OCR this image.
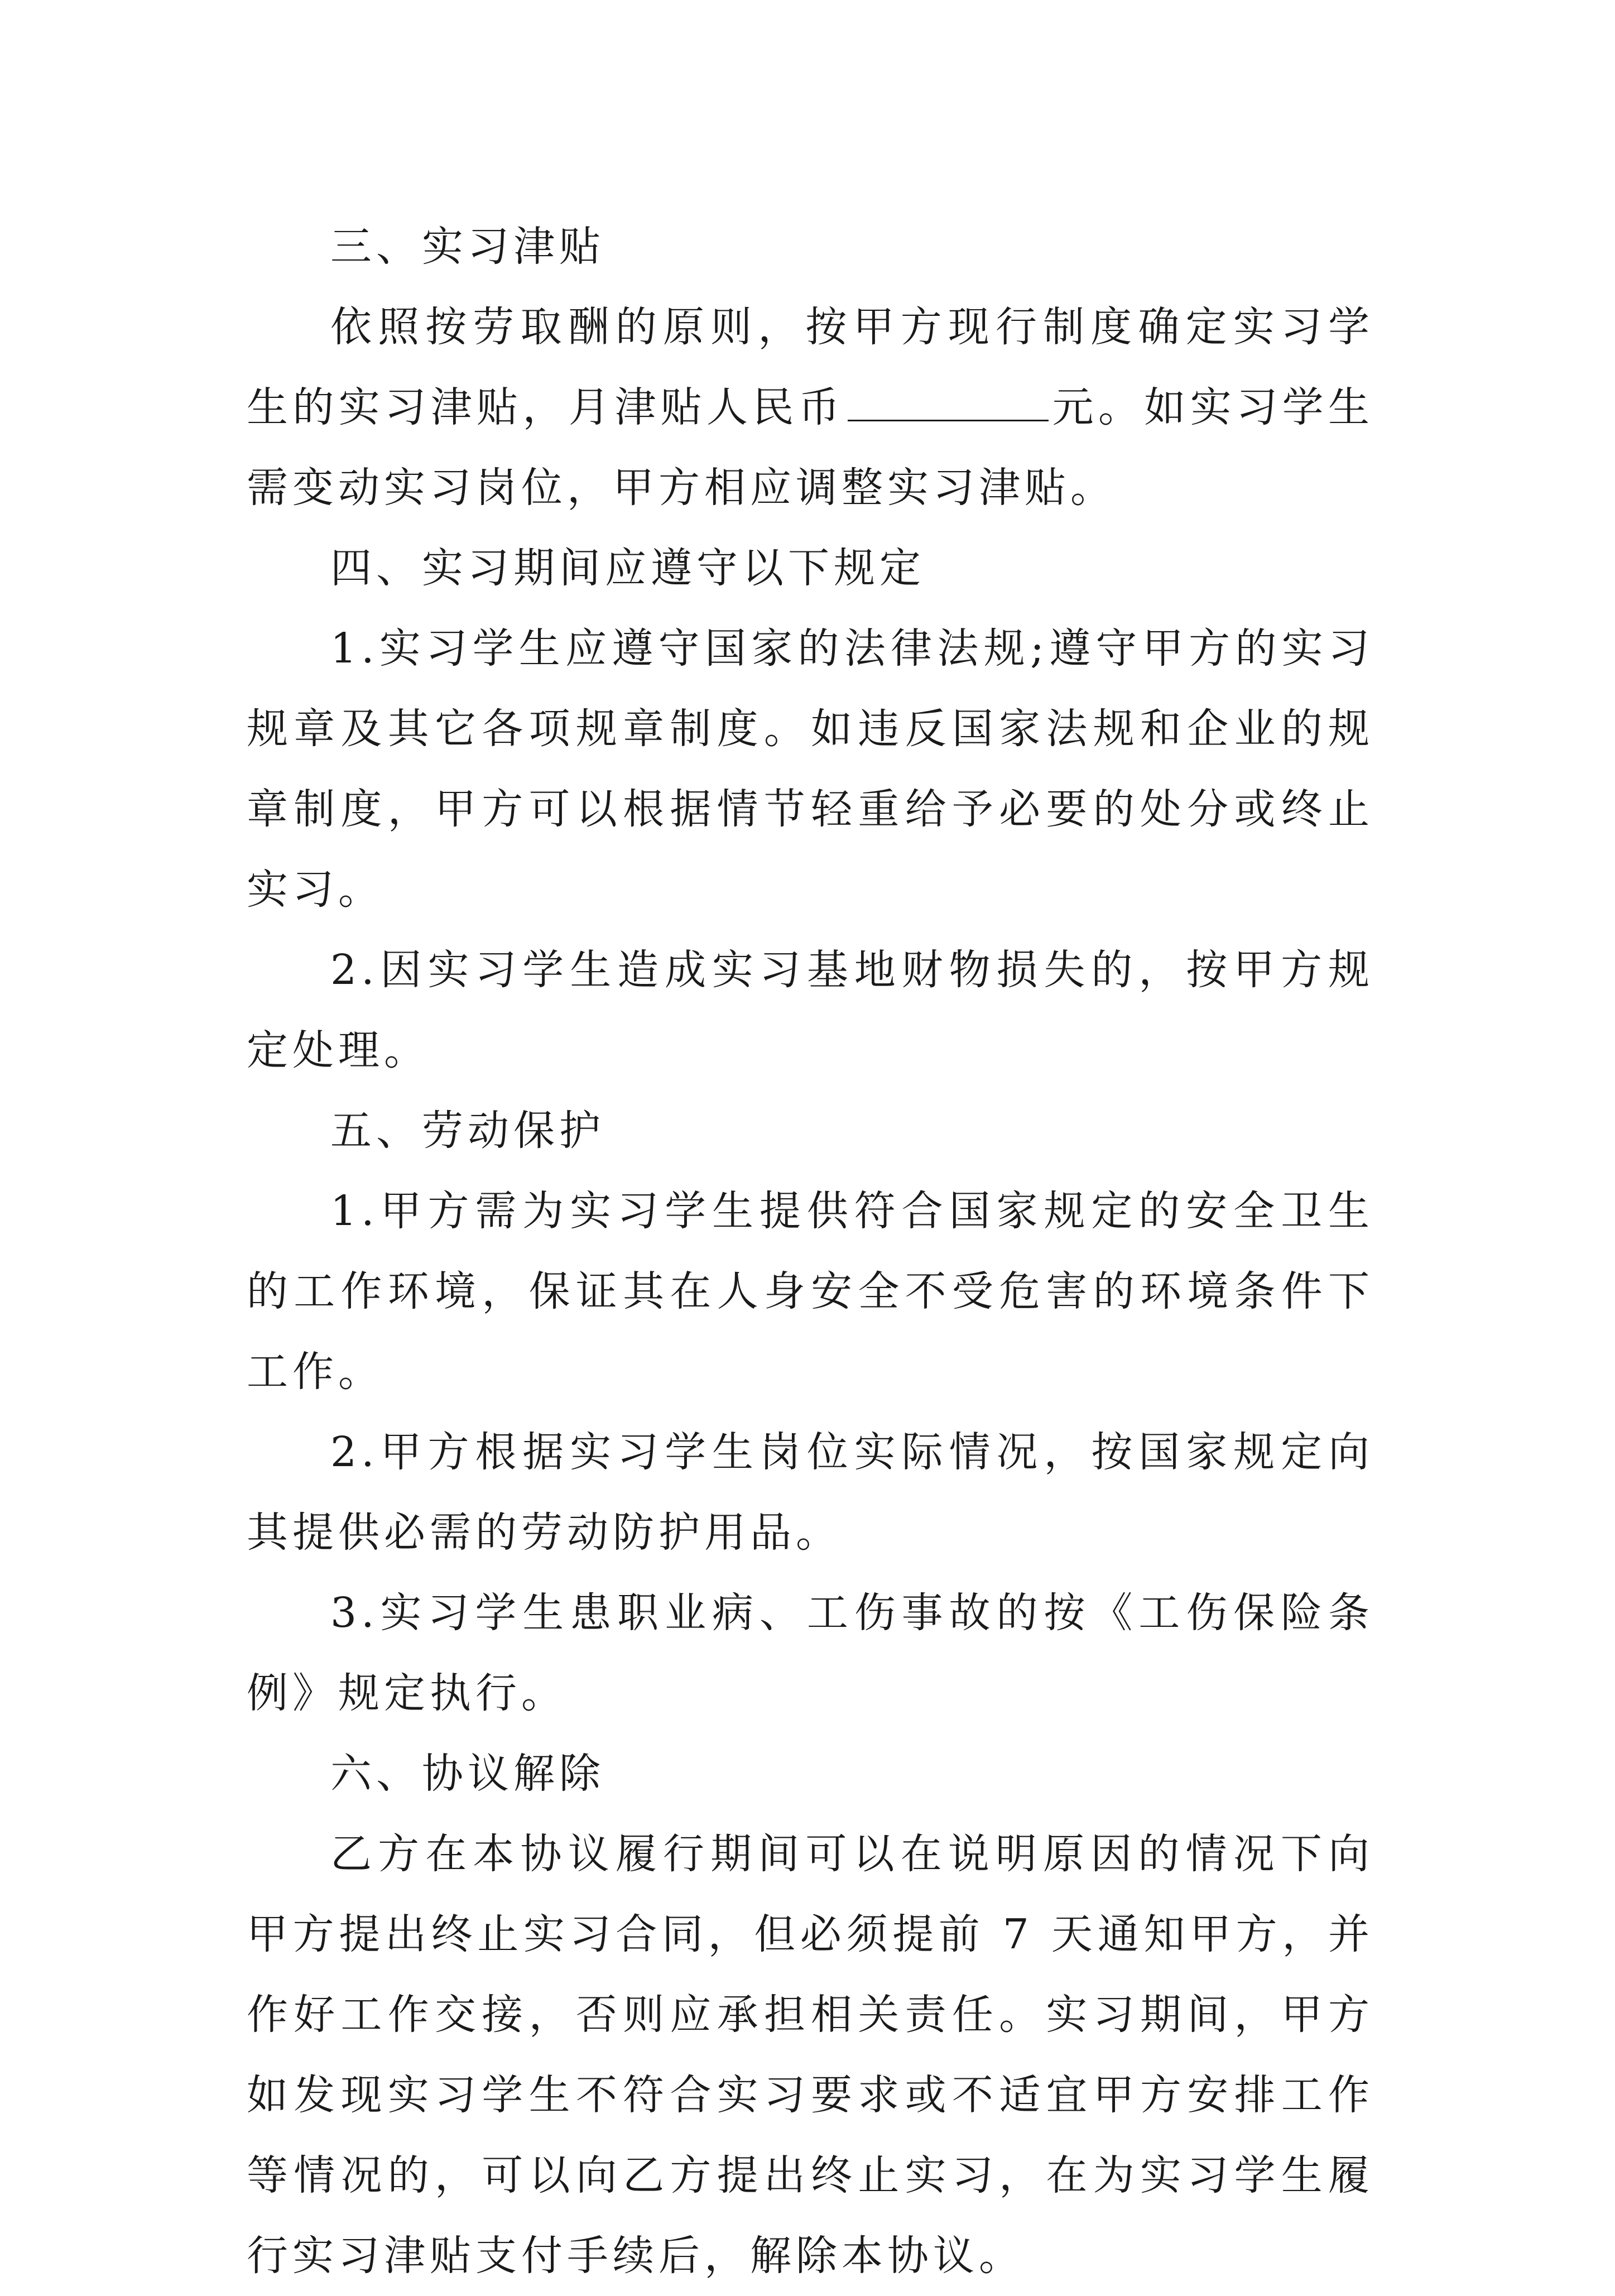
三、实习津贴

依照按劳取酬的原则，按甲方现行制度确定实习学生的实习津贴，月津贴人民币	元。如实习学生需变动实习岗位，甲方相应调整实习津贴。

四、实习期间应遵守以下规定

1.实习学生应遵守国家的法律法规;遵守甲方的实习规章及其它各项规章制度。如违反国家法规和企业的规章制度，甲方可以根据情节轻重给予必要的处分或终止实习。

2.因实习学生造成实习基地财物损失的，按甲方规定处理。

五、劳动保护

1.甲方需为实习学生提供符合国家规定的安全卫生的工作环境，保证其在人身安全不受危害的环境条件下工作。

2.甲方根据实习学生岗位实际情况，按国家规定向其提供必需的劳动防护用品。

3.实习学生患职业病、工伤事故的按《工伤保险条例》规定执行。

六、协议解除

乙方在本协议履行期间可以在说明原因的情况下向甲方提出终止实习合同，但必须提前 7 天通知甲方，并作好工作交接，否则应承担相关责任。实习期间，甲方如发现实习学生不符合实习要求或不适宜甲方安排工作等情况的，可以向乙方提出终止实习，在为实习学生履行实习津贴支付手续后，解除本协议。
